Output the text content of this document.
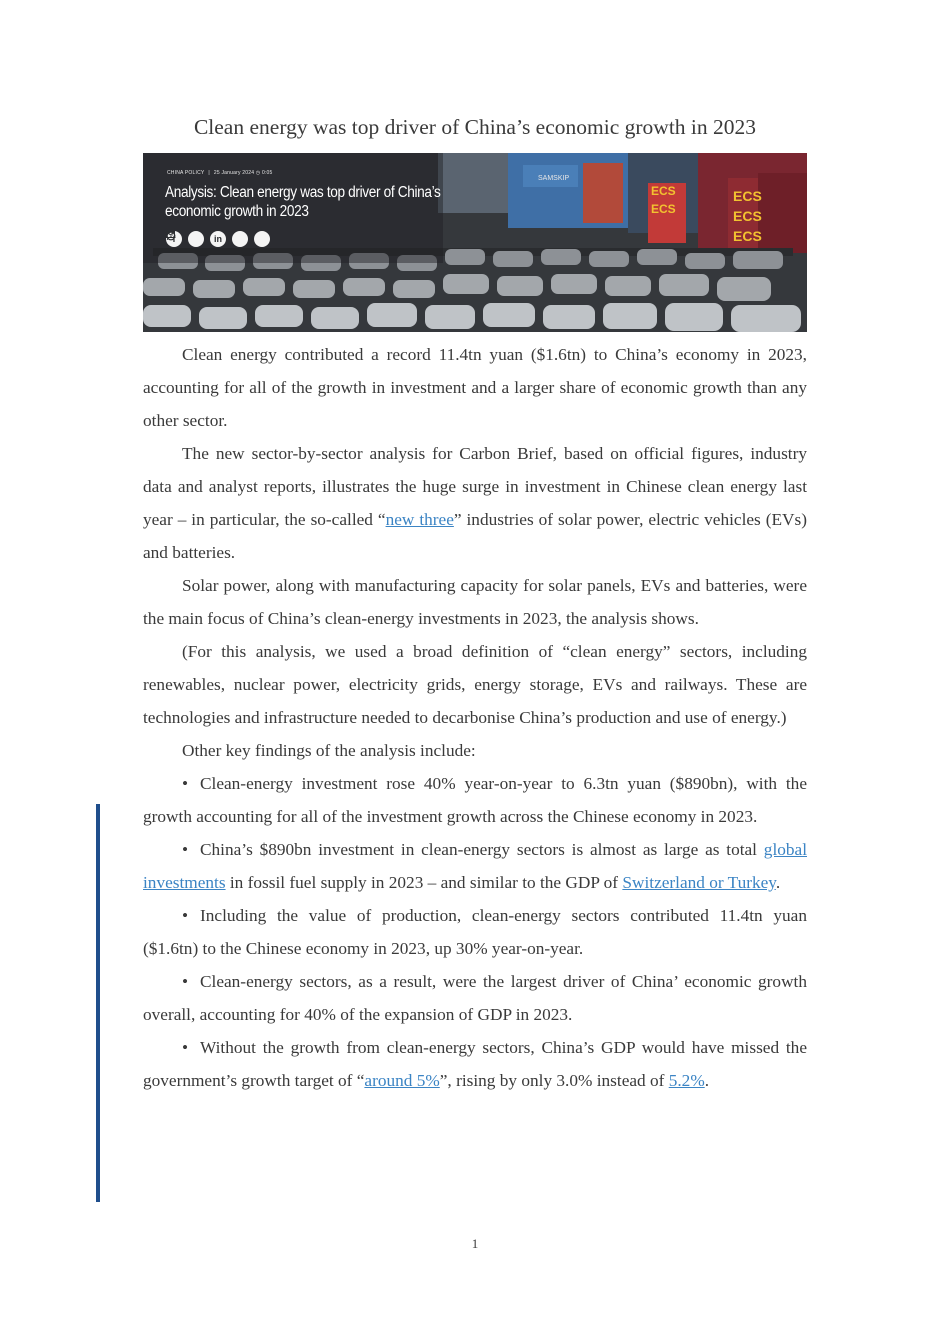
Clean energy was top driver of China’s economic growth in 2023
ECS
ECS
ECS
ECS
ECS
SAMSKIP
CHINA POLICY | 25 January 2024 ◷ 0:05
Analysis: Clean energy was top driver of China’s economic growth in 2023
f	in

Clean energy contributed a record 11.4tn yuan ($1.6tn) to China’s economy in 2023, accounting for all of the growth in investment and a larger share of economic growth than any other sector.

The new sector-by-sector analysis for Carbon Brief, based on official figures, industry data and analyst reports, illustrates the huge surge in investment in Chinese clean energy last year – in particular, the so-called “new three” industries of solar power, electric vehicles (EVs) and batteries.

Solar power, along with manufacturing capacity for solar panels, EVs and batteries, were the main focus of China’s clean-energy investments in 2023, the analysis shows.

(For this analysis, we used a broad definition of “clean energy” sectors, including renewables, nuclear power, electricity grids, energy storage, EVs and railways. These are technologies and infrastructure needed to decarbonise China’s production and use of energy.)

Other key findings of the analysis include:

• Clean-energy investment rose 40% year-on-year to 6.3tn yuan ($890bn), with the growth accounting for all of the investment growth across the Chinese economy in 2023.

• China’s $890bn investment in clean-energy sectors is almost as large as total global investments in fossil fuel supply in 2023 – and similar to the GDP of Switzerland or Turkey.

• Including the value of production, clean-energy sectors contributed 11.4tn yuan ($1.6tn) to the Chinese economy in 2023, up 30% year-on-year.

• Clean-energy sectors, as a result, were the largest driver of China’ economic growth overall, accounting for 40% of the expansion of GDP in 2023.

• Without the growth from clean-energy sectors, China’s GDP would have missed the government’s growth target of “around 5%”, rising by only 3.0% instead of 5.2%.

1
